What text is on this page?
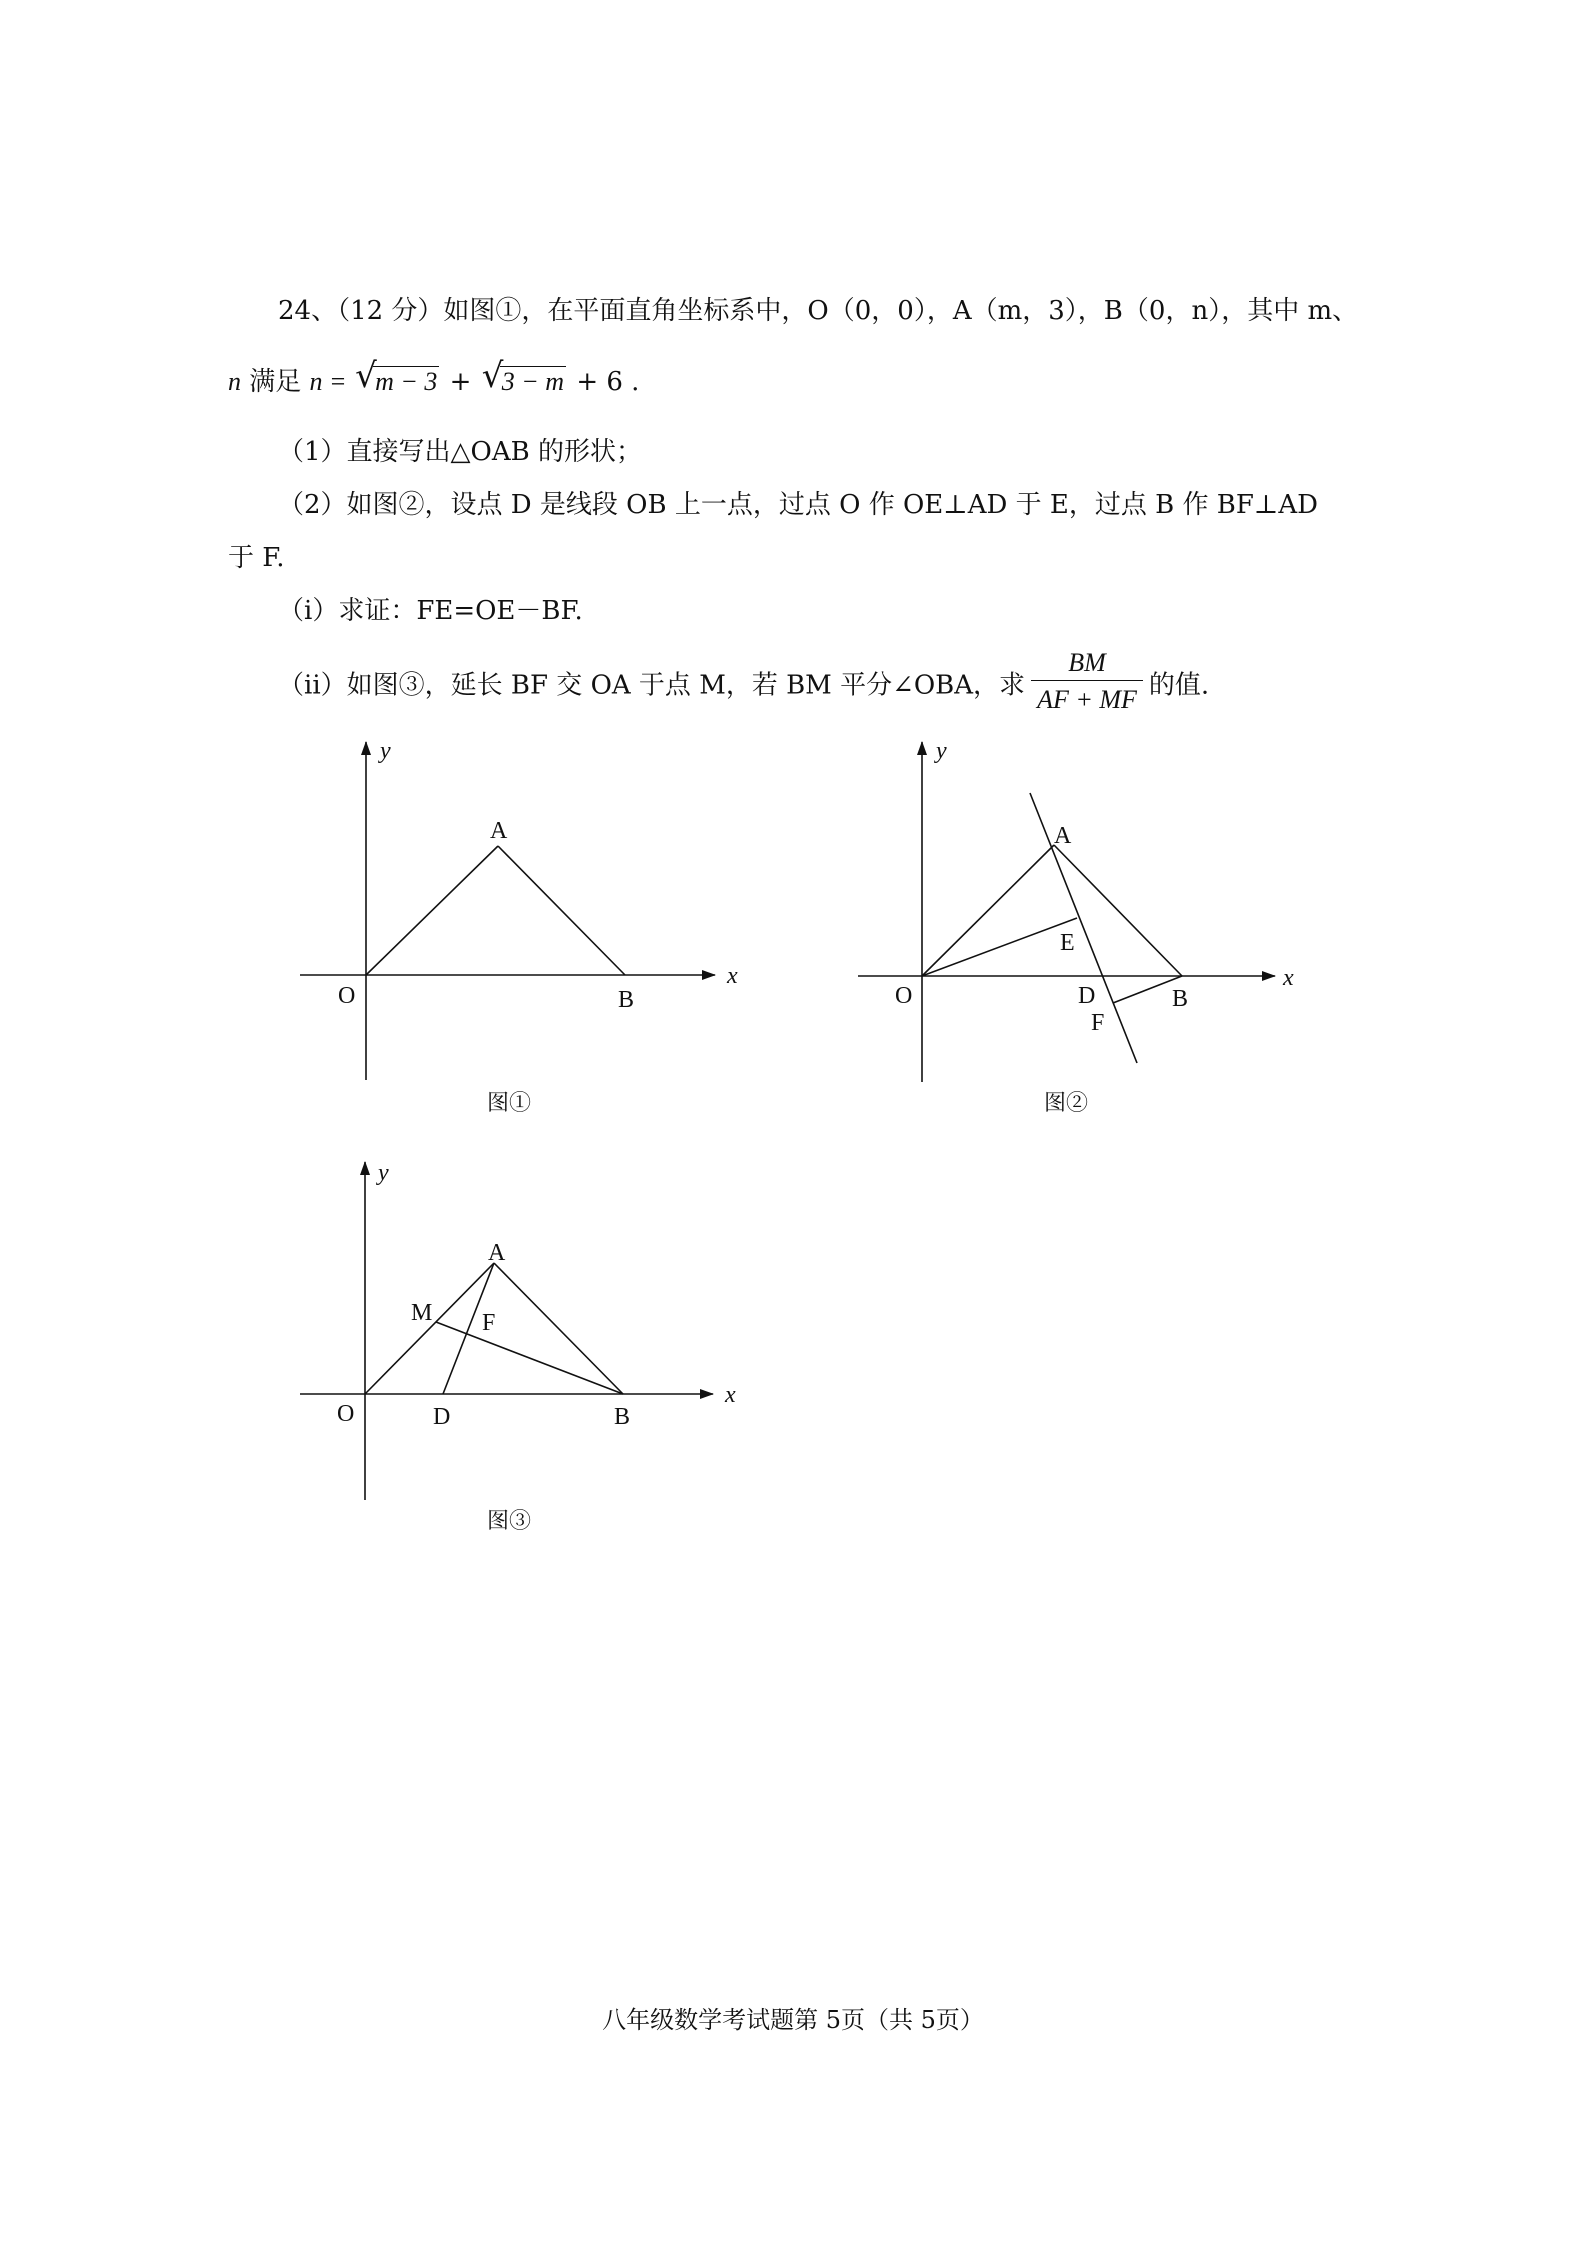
24、（12 分）如图①，在平面直角坐标系中，O（0，0），A（m，3），B（0，n），其中 m、
n 满足 n = √
m − 3 + √
3 − m + 6 .
（1）直接写出△OAB 的形状；
（2）如图②，设点 D 是线段 OB 上一点，过点 O 作 OE⊥AD 于 E，过点 B 作 BF⊥AD
于 F.
（i）求证：FE=OE－BF.
（ii）如图③，延长 BF 交 OA 于点 M，若 BM 平分∠OBA，求 $\frac{BM}{AF + MF}$ 的值.
y
A
O	B
x
图①
y
A
E
O	D	B
F
x
图②
y
A
M F
O	D	B
x
图③
八年级数学考试题第 5页（共 5页）
